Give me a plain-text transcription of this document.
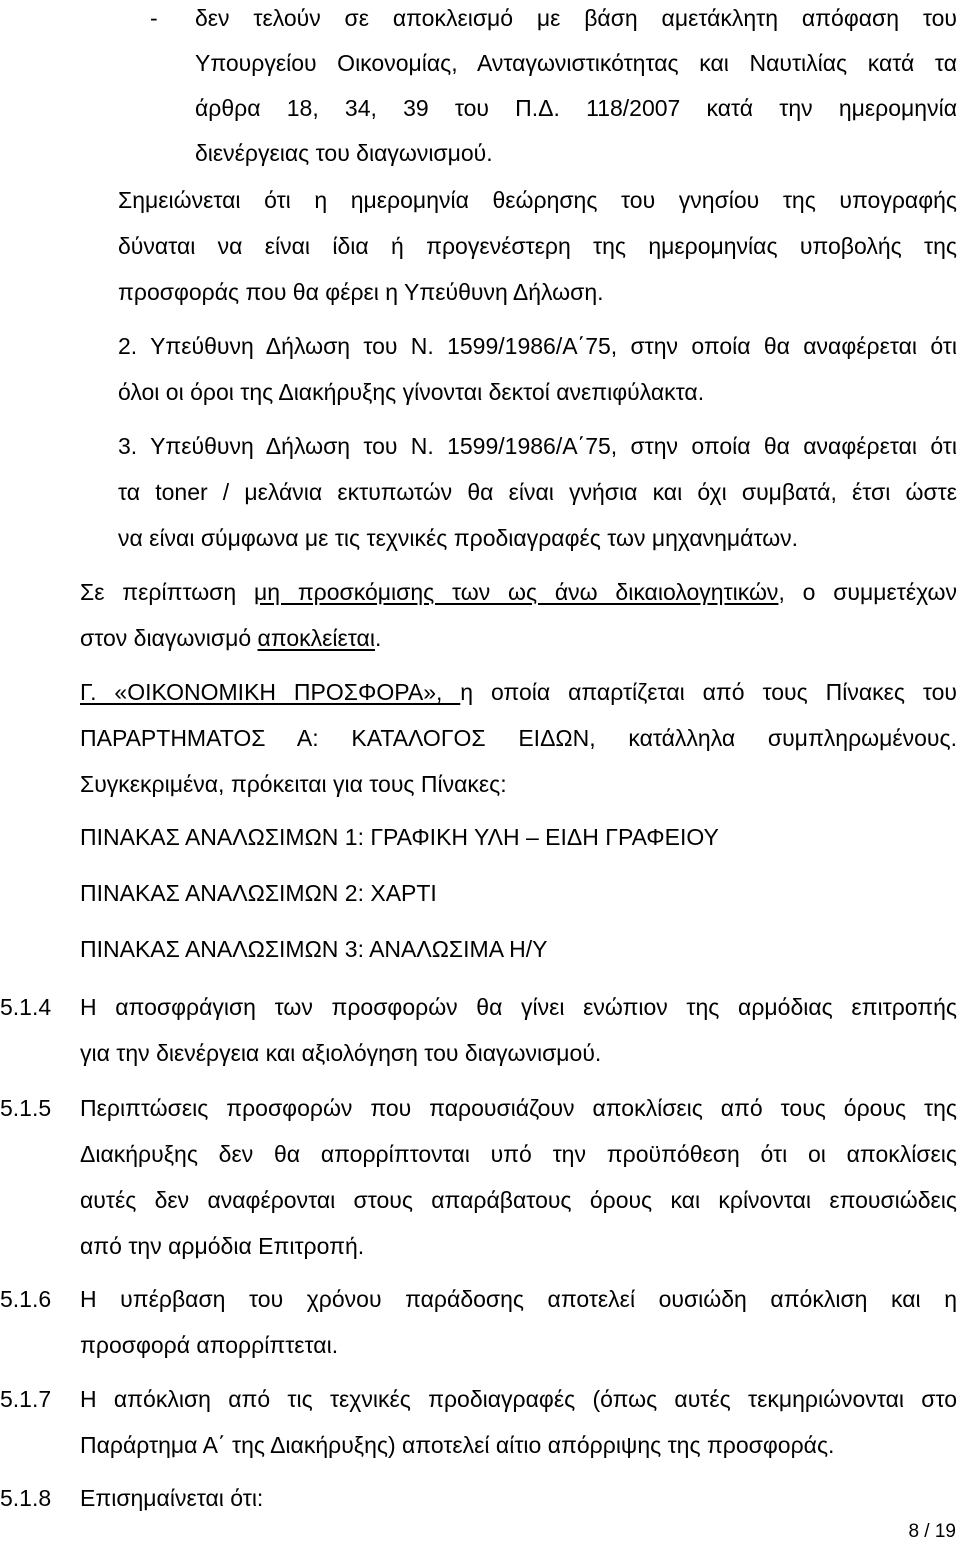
- δεν τελούν σε αποκλεισμό με βάση αμετάκλητη απόφαση του
Υπουργείου Οικονομίας, Ανταγωνιστικότητας και Ναυτιλίας κατά τα
άρθρα 18, 34, 39 του Π.Δ. 118/2007 κατά την ημερομηνία
διενέργειας του διαγωνισμού.
Σημειώνεται ότι η ημερομηνία θεώρησης του γνησίου της υπογραφής
δύναται να είναι ίδια ή προγενέστερη της ημερομηνίας υποβολής της
προσφοράς που θα φέρει η Υπεύθυνη Δήλωση.
2. Υπεύθυνη Δήλωση του Ν. 1599/1986/Α΄75, στην οποία θα αναφέρεται ότι
όλοι οι όροι της Διακήρυξης γίνονται δεκτοί ανεπιφύλακτα.
3. Υπεύθυνη Δήλωση του Ν. 1599/1986/Α΄75, στην οποία θα αναφέρεται ότι
τα toner / μελάνια εκτυπωτών θα είναι γνήσια και όχι συμβατά, έτσι ώστε
να είναι σύμφωνα με τις τεχνικές προδιαγραφές των μηχανημάτων.
Σε περίπτωση μη προσκόμισης των ως άνω δικαιολογητικών, ο συμμετέχων
στον διαγωνισμό αποκλείεται.
Γ. «ΟΙΚΟΝΟΜΙΚΗ ΠΡΟΣΦΟΡΑ», η οποία απαρτίζεται από τους Πίνακες του
ΠΑΡΑΡΤΗΜΑΤΟΣ Α: ΚΑΤΑΛΟΓΟΣ ΕΙΔΩΝ, κατάλληλα συμπληρωμένους.
Συγκεκριμένα, πρόκειται για τους Πίνακες:
ΠΙΝΑΚΑΣ ΑΝΑΛΩΣΙΜΩΝ 1: ΓΡΑΦΙΚΗ ΥΛΗ – ΕΙΔΗ ΓΡΑΦΕΙΟΥ
ΠΙΝΑΚΑΣ ΑΝΑΛΩΣΙΜΩΝ 2: ΧΑΡΤΙ
ΠΙΝΑΚΑΣ ΑΝΑΛΩΣΙΜΩΝ 3: ΑΝΑΛΩΣΙΜΑ Η/Υ
5.1.4 Η αποσφράγιση των προσφορών θα γίνει ενώπιον της αρμόδιας επιτροπής
για την διενέργεια και αξιολόγηση του διαγωνισμού.
5.1.5 Περιπτώσεις προσφορών που παρουσιάζουν αποκλίσεις από τους όρους της
Διακήρυξης δεν θα απορρίπτονται υπό την προϋπόθεση ότι οι αποκλίσεις
αυτές δεν αναφέρονται στους απαράβατους όρους και κρίνονται επουσιώδεις
από την αρμόδια Επιτροπή.
5.1.6 Η υπέρβαση του χρόνου παράδοσης αποτελεί ουσιώδη απόκλιση και η
προσφορά απορρίπτεται.
5.1.7 Η απόκλιση από τις τεχνικές προδιαγραφές (όπως αυτές τεκμηριώνονται στο
Παράρτημα Α΄ της Διακήρυξης) αποτελεί αίτιο απόρριψης της προσφοράς.
5.1.8 Επισημαίνεται ότι:
8 / 19
